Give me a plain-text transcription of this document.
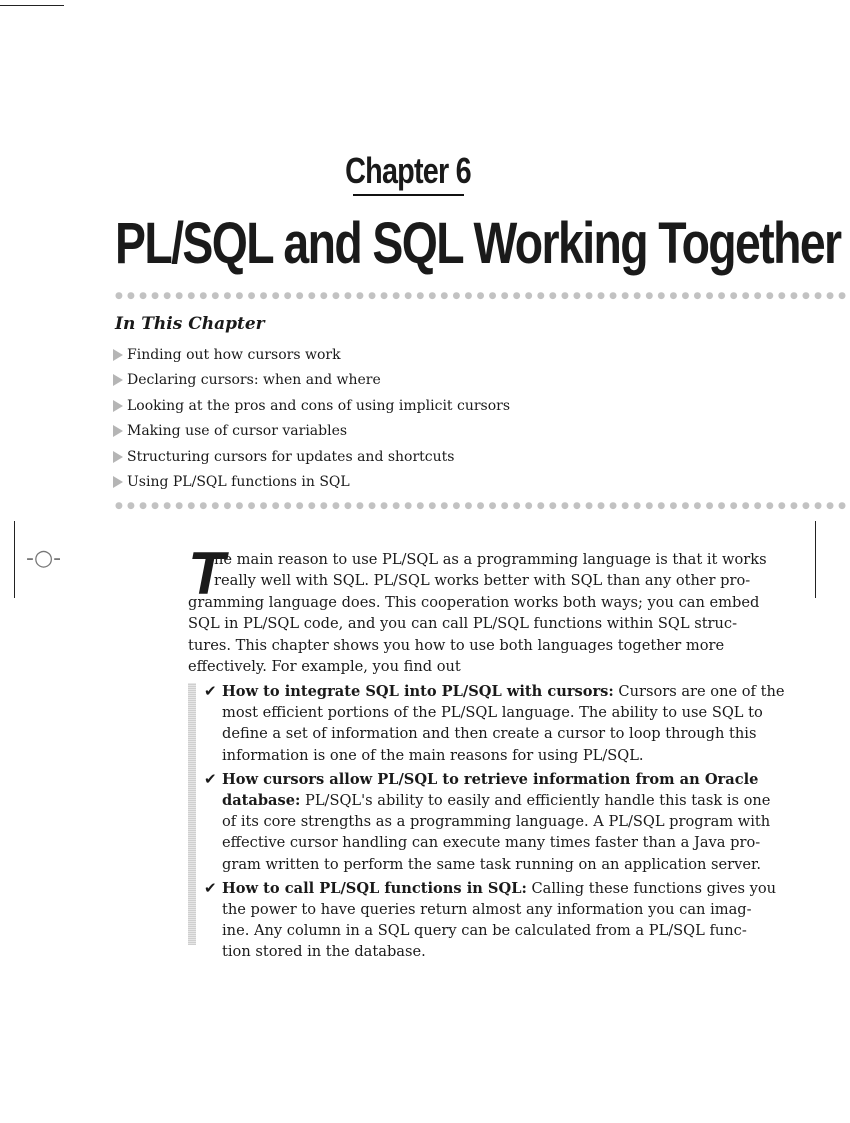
-○-
Chapter 6
PL/SQL and SQL Working Together
●●●●●●●●●●●●●●●●●●●●●●●●●●●●●●●●●●●●●●●●●●●●●●●●●●●●●●●●●●●●●
In This Chapter
Finding out how cursors work
Declaring cursors: when and where
Looking at the pros and cons of using implicit cursors
Making use of cursor variables
Structuring cursors for updates and shortcuts
Using PL/SQL functions in SQL
●●●●●●●●●●●●●●●●●●●●●●●●●●●●●●●●●●●●●●●●●●●●●●●●●●●●●●●●●●●●●
T
he main reason to use PL/SQL as a programming language is that it works
really well with SQL. PL/SQL works better with SQL than any other pro-
gramming language does. This cooperation works both ways; you can embed
SQL in PL/SQL code, and you can call PL/SQL functions within SQL struc-
tures. This chapter shows you how to use both languages together more
effectively. For example, you find out
✔ How to integrate SQL into PL/SQL with cursors: Cursors are one of the
most efficient portions of the PL/SQL language. The ability to use SQL to
define a set of information and then create a cursor to loop through this
information is one of the main reasons for using PL/SQL.
✔ How cursors allow PL/SQL to retrieve information from an Oracle
database: PL/SQL's ability to easily and efficiently handle this task is one
of its core strengths as a programming language. A PL/SQL program with
effective cursor handling can execute many times faster than a Java pro-
gram written to perform the same task running on an application server.
✔ How to call PL/SQL functions in SQL: Calling these functions gives you
the power to have queries return almost any information you can imag-
ine. Any column in a SQL query can be calculated from a PL/SQL func-
tion stored in the database.
